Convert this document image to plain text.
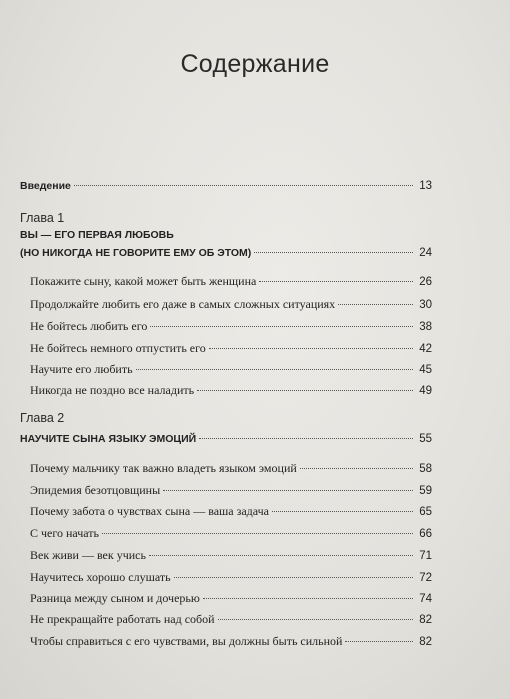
Содержание
Введение	13
Глава 1
ВЫ — ЕГО ПЕРВАЯ ЛЮБОВЬ
(НО НИКОГДА НЕ ГОВОРИТЕ ЕМУ ОБ ЭТОМ)	24
Покажите сыну, какой может быть женщина	26
Продолжайте любить его даже в самых сложных ситуациях	30
Не бойтесь любить его	38
Не бойтесь немного отпустить его	42
Научите его любить	45
Никогда не поздно все наладить	49
Глава 2
НАУЧИТЕ СЫНА ЯЗЫКУ ЭМОЦИЙ	55
Почему мальчику так важно владеть языком эмоций	58
Эпидемия безотцовщины	59
Почему забота о чувствах сына — ваша задача	65
С чего начать	66
Век живи — век учись	71
Научитесь хорошо слушать	72
Разница между сыном и дочерью	74
Не прекращайте работать над собой	82
Чтобы справиться с его чувствами, вы должны быть сильной	82
